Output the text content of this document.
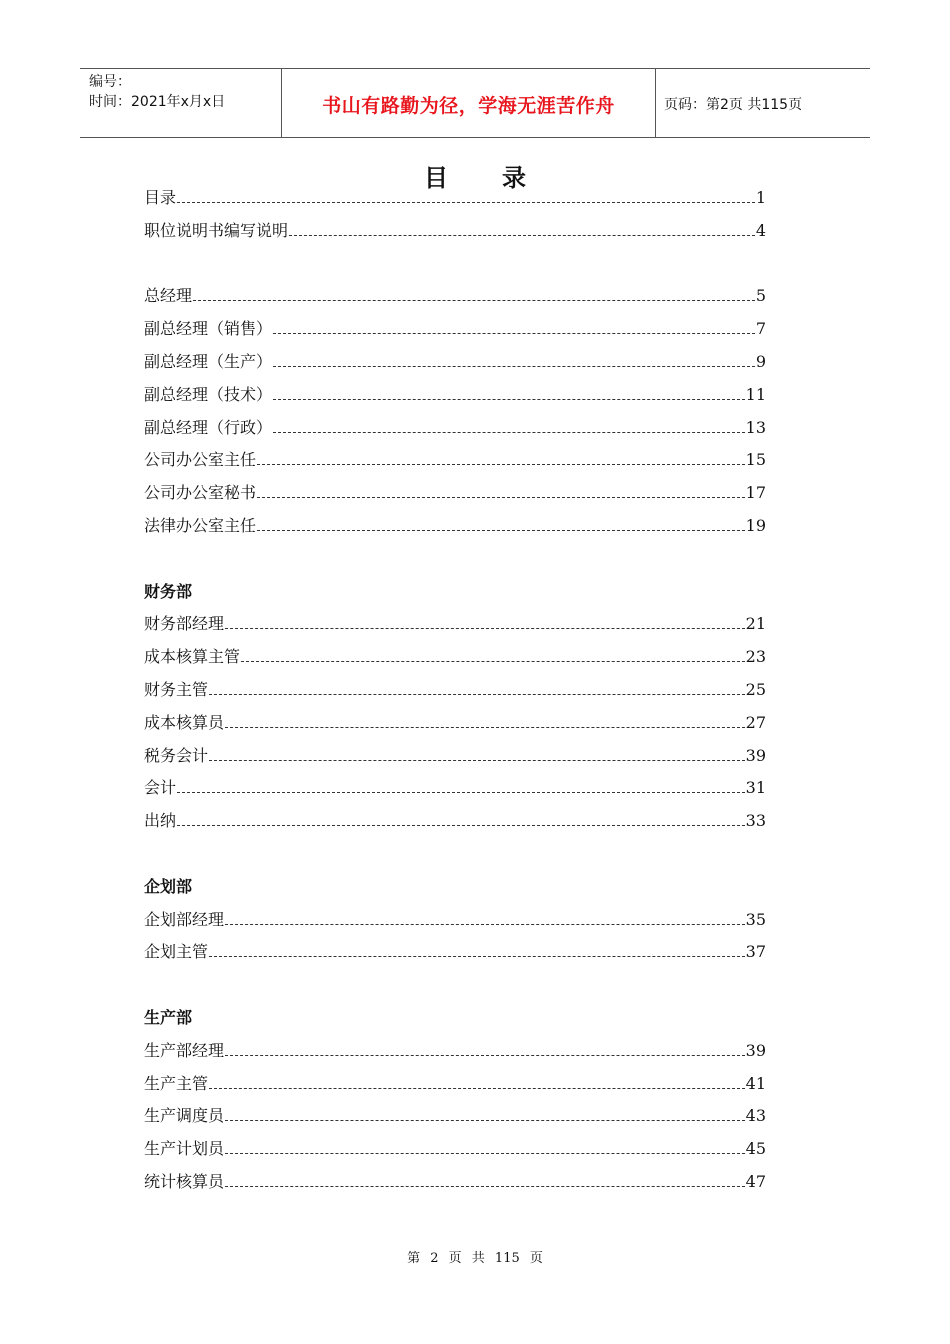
编号：
时间：2021年x月x日	书山有路勤为径，学海无涯苦作舟	页码：第2页 共115页
目录
目录	1
职位说明书编写说明	4
总经理	5
副总经理（销售）	7
副总经理（生产）	9
副总经理（技术）	11
副总经理（行政）	13
公司办公室主任	15
公司办公室秘书	17
法律办公室主任	19
财务部
财务部经理	21
成本核算主管	23
财务主管	25
成本核算员	27
税务会计	39
会计	31
出纳	33
企划部
企划部经理	35
企划主管	37
生产部
生产部经理	39
生产主管	41
生产调度员	43
生产计划员	45
统计核算员	47
第 2 页 共 115 页
